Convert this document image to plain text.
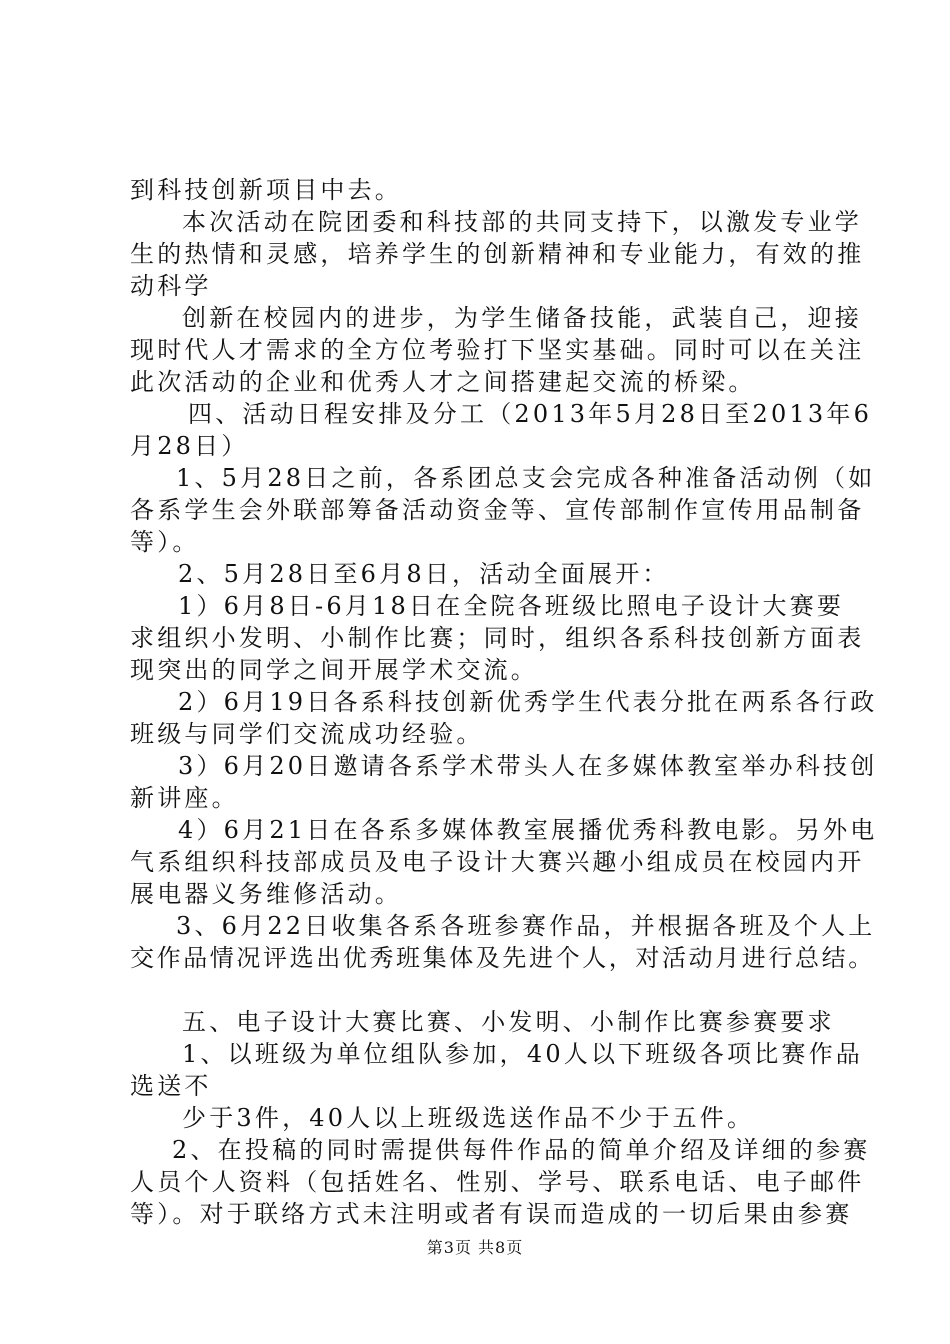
到科技创新项目中去。
本次活动在院团委和科技部的共同支持下，以激发专业学
生的热情和灵感，培养学生的创新精神和专业能力，有效的推
动科学
创新在校园内的进步，为学生储备技能，武装自己，迎接
现时代人才需求的全方位考验打下坚实基础。同时可以在关注
此次活动的企业和优秀人才之间搭建起交流的桥梁。
四、活动日程安排及分工（2013年5月28日至2013年6
月28日）
1、5月28日之前，各系团总支会完成各种准备活动例（如
各系学生会外联部筹备活动资金等、宣传部制作宣传用品制备
等）。
2、5月28日至6月8日，活动全面展开：
1）6月8日-6月18日在全院各班级比照电子设计大赛要
求组织小发明、小制作比赛；同时，组织各系科技创新方面表
现突出的同学之间开展学术交流。
2）6月19日各系科技创新优秀学生代表分批在两系各行政
班级与同学们交流成功经验。
3）6月20日邀请各系学术带头人在多媒体教室举办科技创
新讲座。
4）6月21日在各系多媒体教室展播优秀科教电影。另外电
气系组织科技部成员及电子设计大赛兴趣小组成员在校园内开
展电器义务维修活动。
3、6月22日收集各系各班参赛作品，并根据各班及个人上
交作品情况评选出优秀班集体及先进个人，对活动月进行总结。
五、电子设计大赛比赛、小发明、小制作比赛参赛要求
1、以班级为单位组队参加，40人以下班级各项比赛作品
选送不
少于3件，40人以上班级选送作品不少于五件。
2、在投稿的同时需提供每件作品的简单介绍及详细的参赛
人员个人资料（包括姓名、性别、学号、联系电话、电子邮件
等）。对于联络方式未注明或者有误而造成的一切后果由参赛
第3页 共8页
